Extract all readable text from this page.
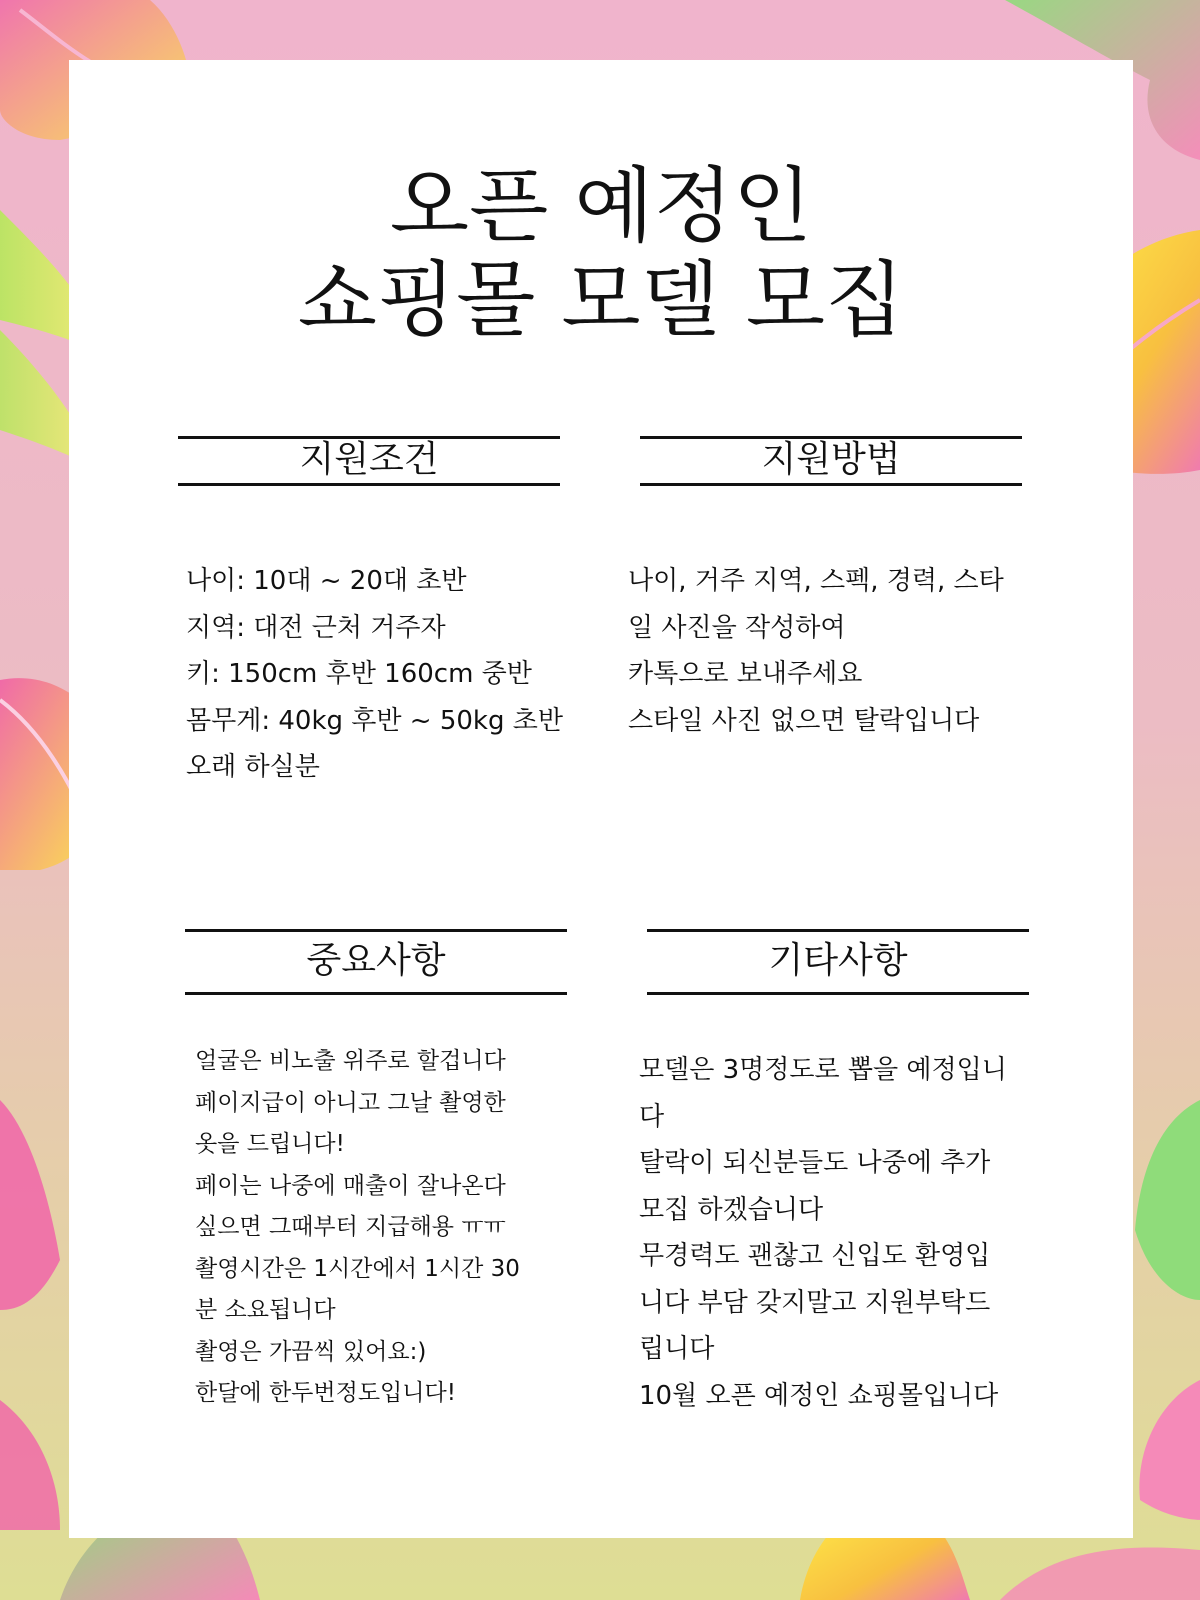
오픈 예정인
쇼핑몰 모델 모집
지원조건
나이: 10대 ~ 20대 초반
지역: 대전 근처 거주자
키: 150cm 후반 160cm 중반
몸무게: 40kg 후반 ~ 50kg 초반
오래 하실분
지원방법
나이, 거주 지역, 스펙, 경력, 스타
일 사진을 작성하여
카톡으로 보내주세요
스타일 사진 없으면 탈락입니다
중요사항
얼굴은 비노출 위주로 할겁니다
페이지급이 아니고 그날 촬영한
옷을 드립니다!
페이는 나중에 매출이 잘나온다
싶으면 그때부터 지급해용 ㅠㅠ
촬영시간은 1시간에서 1시간 30
분 소요됩니다
촬영은 가끔씩 있어요:)
한달에 한두번정도입니다!
기타사항
모델은 3명정도로 뽑을 예정입니
다
탈락이 되신분들도 나중에 추가
모집 하겠습니다
무경력도 괜찮고 신입도 환영입
니다 부담 갖지말고 지원부탁드
립니다
10월 오픈 예정인 쇼핑몰입니다
